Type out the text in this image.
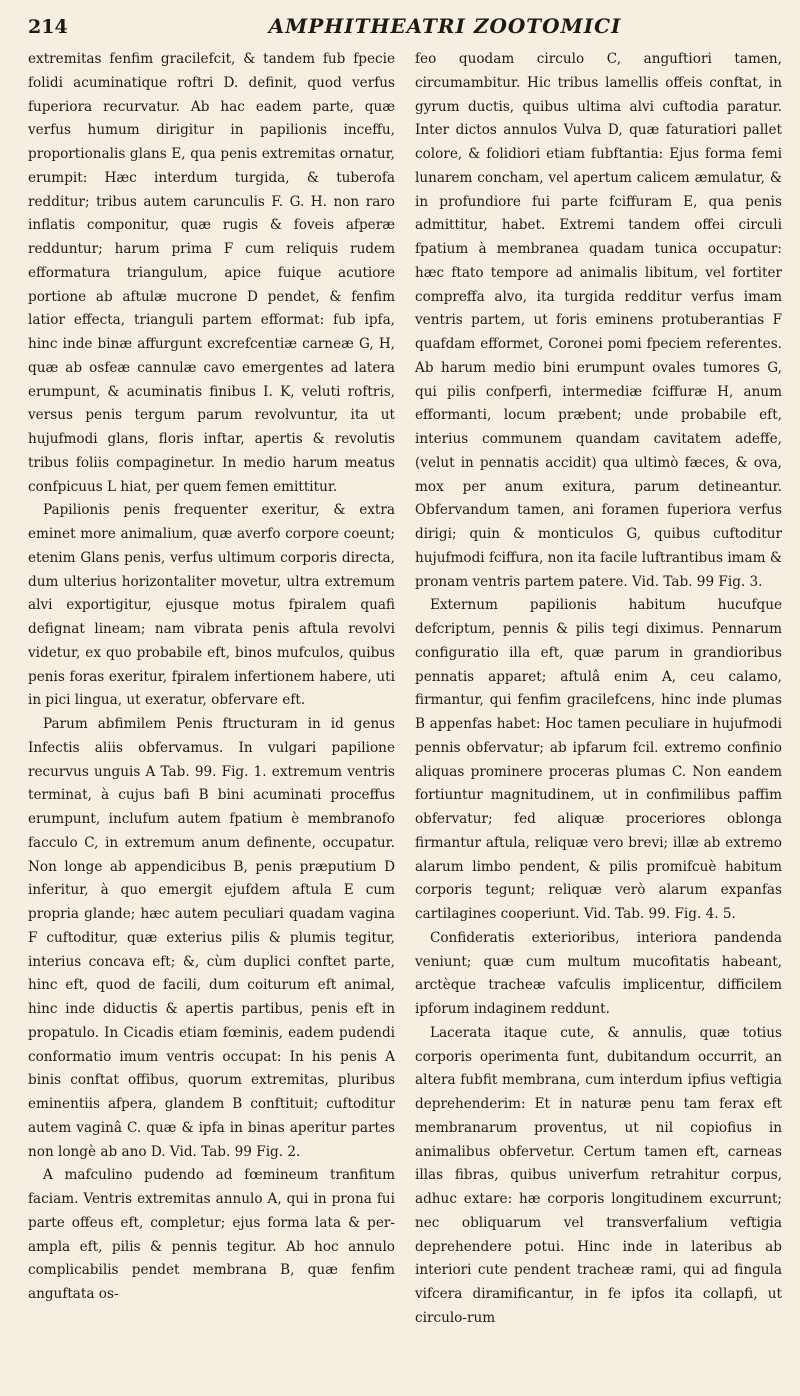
214	AMPHITHEATRI ZOOTOMICI

extremitas fenfim gracilefcit, & tandem fub fpecie folidi acuminatique roftri D. definit, quod verfus fuperiora recurvatur. Ab hac eadem parte, quæ verfus humum dirigitur in papilionis inceffu, proportionalis glans E, qua penis extremitas ornatur, erumpit: Hæc interdum turgida, & tuberofa redditur; tribus autem carunculis F. G. H. non raro inflatis componitur, quæ rugis & foveis afperæ redduntur; harum prima F cum reliquis rudem efformatura triangulum, apice fuique acutiore portione ab aftulæ mucrone D pendet, & fenfim latior effecta, trianguli partem efformat: fub ipfa, hinc inde binæ affurgunt excrefcentiæ carneæ G, H, quæ ab osfeæ cannulæ cavo emergentes ad latera erumpunt, & acuminatis finibus I. K, veluti roftris, versus penis tergum parum revolvuntur, ita ut hujufmodi glans, floris inftar, apertis & revolutis tribus foliis compaginetur. In medio harum meatus confpicuus L hiat, per quem femen emittitur.

Papilionis penis frequenter exeritur, & extra eminet more animalium, quæ averfo corpore coeunt; etenim Glans penis, verfus ultimum corporis directa, dum ulterius horizontaliter movetur, ultra extremum alvi exportigitur, ejusque motus fpiralem quafi defignat lineam; nam vibrata penis aftula revolvi videtur, ex quo probabile eft, binos mufculos, quibus penis foras exeritur, fpiralem infertionem habere, uti in pici lingua, ut exeratur, obfervare eft.

Parum abfimilem Penis ftructuram in id genus Infectis aliis obfervamus. In vulgari papilione recurvus unguis A Tab. 99. Fig. 1. extremum ventris terminat, à cujus bafi B bini acuminati proceffus erumpunt, inclufum autem fpatium è membranofo facculo C, in extremum anum definente, occupatur. Non longe ab appendicibus B, penis præputium D inferitur, à quo emergit ejufdem aftula E cum propria glande; hæc autem peculiari quadam vagina F cuftoditur, quæ exterius pilis & plumis tegitur, interius concava eft; &, cùm duplici conftet parte, hinc eft, quod de facili, dum coiturum eft animal, hinc inde diductis & apertis partibus, penis eft in propatulo. In Cicadis etiam fœminis, eadem pudendi conformatio imum ventris occupat: In his penis A binis conftat offibus, quorum extremitas, pluribus eminentiis afpera, glandem B conftituit; cuftoditur autem vaginâ C. quæ & ipfa in binas aperitur partes non longè ab ano D. Vid. Tab. 99 Fig. 2.

A mafculino pudendo ad fœmineum tranfitum faciam. Ventris extremitas annulo A, qui in prona fui parte offeus eft, completur; ejus forma lata & per-ampla eft, pilis & pennis tegitur. Ab hoc annulo complicabilis pendet membrana B, quæ fenfim anguftata os-

feo quodam circulo C, anguftiori tamen, circumambitur. Hic tribus lamellis offeis conftat, in gyrum ductis, quibus ultima alvi cuftodia paratur. Inter dictos annulos Vulva D, quæ faturatiori pallet colore, & folidiori etiam fubftantia: Ejus forma femi lunarem concham, vel apertum calicem æmulatur, & in profundiore fui parte fciffuram E, qua penis admittitur, habet. Extremi tandem offei circuli fpatium à membranea quadam tunica occupatur: hæc ftato tempore ad animalis libitum, vel fortiter compreffa alvo, ita turgida redditur verfus imam ventris partem, ut foris eminens protuberantias F quafdam efformet, Coronei pomi fpeciem referentes. Ab harum medio bini erumpunt ovales tumores G, qui pilis confperfi, intermediæ fciffuræ H, anum efformanti, locum præbent; unde probabile eft, interius communem quandam cavitatem adeffe, (velut in pennatis accidit) qua ultimò fæces, & ova, mox per anum exitura, parum detineantur. Obfervandum tamen, ani foramen fuperiora verfus dirigi; quin & monticulos G, quibus cuftoditur hujufmodi fciffura, non ita facile luftrantibus imam & pronam ventris partem patere. Vid. Tab. 99 Fig. 3.

Externum papilionis habitum hucufque defcriptum, pennis & pilis tegi diximus. Pennarum configuratio illa eft, quæ parum in grandioribus pennatis apparet; aftulâ enim A, ceu calamo, firmantur, qui fenfim gracilefcens, hinc inde plumas B appenfas habet: Hoc tamen peculiare in hujufmodi pennis obfervatur; ab ipfarum fcil. extremo confinio aliquas prominere proceras plumas C. Non eandem fortiuntur magnitudinem, ut in confimilibus paffim obfervatur; fed aliquæ proceriores oblonga firmantur aftula, reliquæ vero brevi; illæ ab extremo alarum limbo pendent, & pilis promifcuè habitum corporis tegunt; reliquæ verò alarum expanfas cartilagines cooperiunt. Vid. Tab. 99. Fig. 4. 5.

Confideratis exterioribus, interiora pandenda veniunt; quæ cum multum mucofitatis habeant, arctèque tracheæ vafculis implicentur, difficilem ipforum indaginem reddunt.

Lacerata itaque cute, & annulis, quæ totius corporis operimenta funt, dubitandum occurrit, an altera fubfit membrana, cum interdum ipfius veftigia deprehenderim: Et in naturæ penu tam ferax eft membranarum proventus, ut nil copiofius in animalibus obfervetur. Certum tamen eft, carneas illas fibras, quibus univerfum retrahitur corpus, adhuc extare: hæ corporis longitudinem excurrunt; nec obliquarum vel transverfalium veftigia deprehendere potui. Hinc inde in lateribus ab interiori cute pendent tracheæ rami, qui ad fingula vifcera diramificantur, in fe ipfos ita collapfi, ut circulo-rum
